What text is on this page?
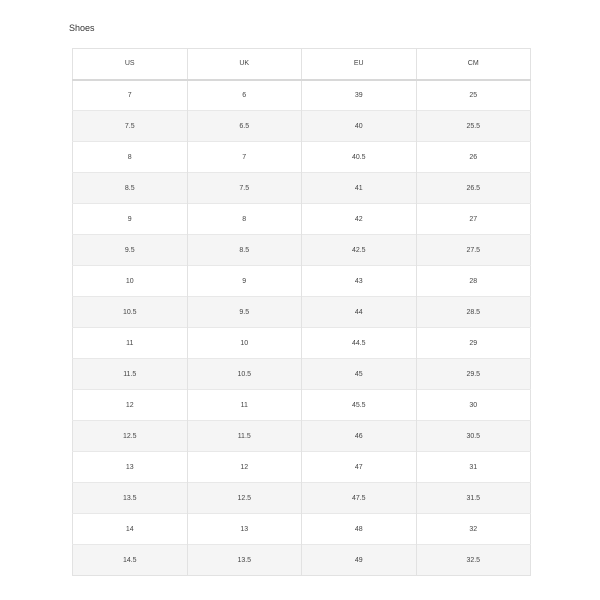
Shoes
US	UK	EU	CM
7	6	39	25
7.5	6.5	40	25.5
8	7	40.5	26
8.5	7.5	41	26.5
9	8	42	27
9.5	8.5	42.5	27.5
10	9	43	28
10.5	9.5	44	28.5
11	10	44.5	29
11.5	10.5	45	29.5
12	11	45.5	30
12.5	11.5	46	30.5
13	12	47	31
13.5	12.5	47.5	31.5
14	13	48	32
14.5	13.5	49	32.5
